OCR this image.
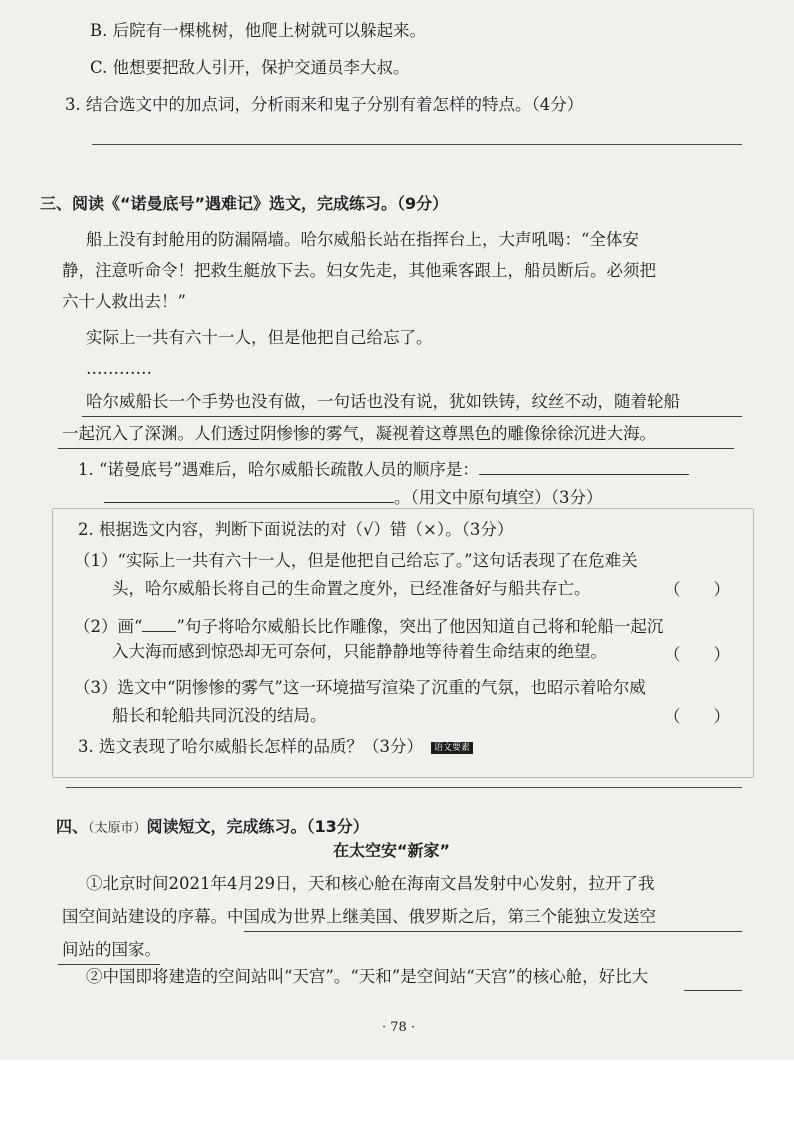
B. 后院有一棵桃树，他爬上树就可以躲起来。
C. 他想要把敌人引开，保护交通员李大叔。
3. 结合选文中的加点词，分析雨来和鬼子分别有着怎样的特点。（4分）
三、阅读《“诺曼底号”遇难记》选文，完成练习。（9分）
船上没有封舱用的防漏隔墙。哈尔威船长站在指挥台上，大声吼喝：“全体安
静，注意听命令！把救生艇放下去。妇女先走，其他乘客跟上，船员断后。必须把
六十人救出去！”
实际上一共有六十一人，但是他把自己给忘了。
…………
哈尔威船长一个手势也没有做，一句话也没有说，犹如铁铸，纹丝不动，随着轮船
一起沉入了深渊。人们透过阴惨惨的雾气，凝视着这尊黑色的雕像徐徐沉进大海。
1. “诺曼底号”遇难后，哈尔威船长疏散人员的顺序是：
。（用文中原句填空）（3分）
2. 根据选文内容，判断下面说法的对（√）错（×）。（3分）
（1）“实际上一共有六十一人，但是他把自己给忘了。”这句话表现了在危难关
头，哈尔威船长将自己的生命置之度外，已经准备好与船共存亡。	（　　）
（2）画“ ”句子将哈尔威船长比作雕像，突出了他因知道自己将和轮船一起沉
入大海而感到惊恐却无可奈何，只能静静地等待着生命结束的绝望。	（　　）
（3）选文中“阴惨惨的雾气”这一环境描写渲染了沉重的气氛，也昭示着哈尔威
船长和轮船共同沉没的结局。	（　　）
3. 选文表现了哈尔威船长怎样的品质？（3分） 语文要素
四、（太原市）阅读短文，完成练习。（13分）
在太空安“新家”
①北京时间2021年4月29日，天和核心舱在海南文昌发射中心发射，拉开了我
国空间站建设的序幕。中国成为世界上继美国、俄罗斯之后，第三个能独立发送空
间站的国家。
②中国即将建造的空间站叫“天宫”。“天和”是空间站“天宫”的核心舱，好比大
· 78 ·
